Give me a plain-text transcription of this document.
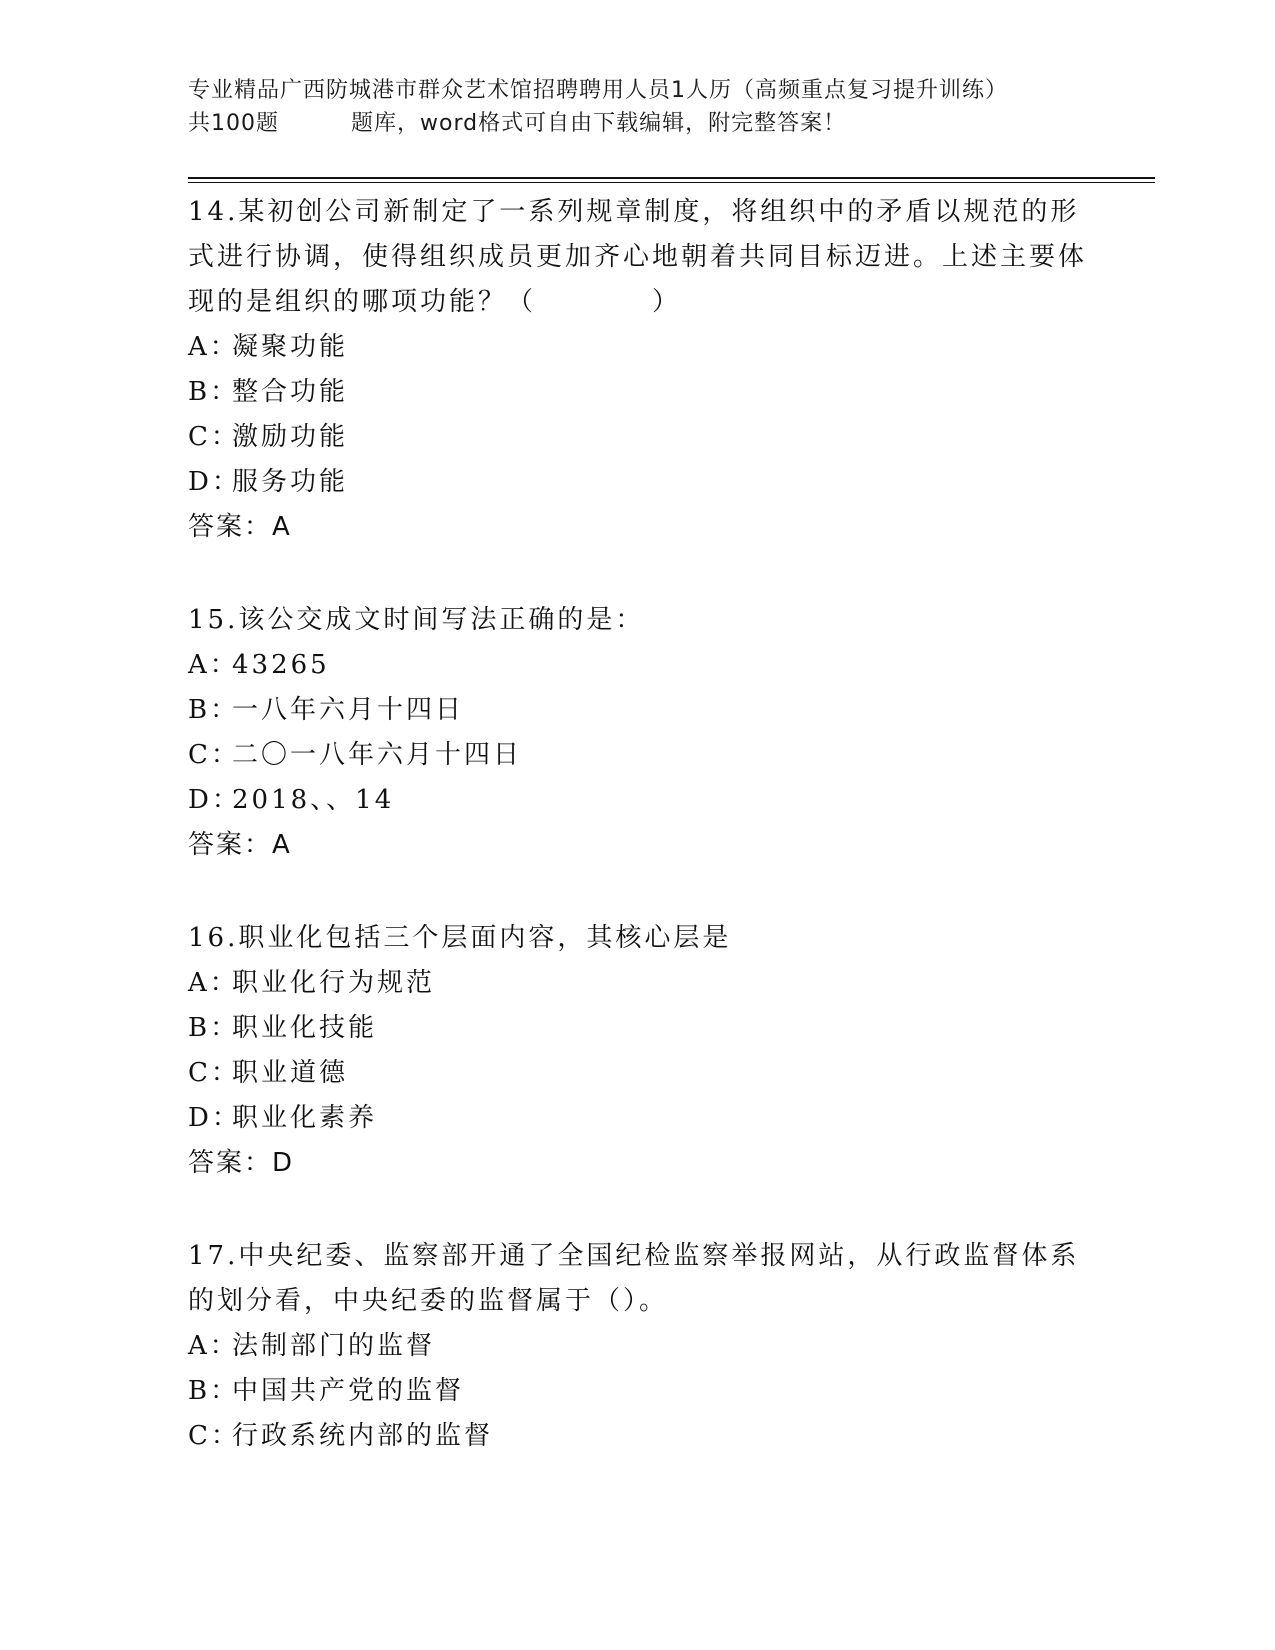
专业精品广西防城港市群众艺术馆招聘聘用人员1人历（高频重点复习提升训练）
共100题	题库，word格式可自由下载编辑，附完整答案！

14.某初创公司新制定了一系列规章制度，将组织中的矛盾以规范的形式进行协调，使得组织成员更加齐心地朝着共同目标迈进。上述主要体现的是组织的哪项功能？（　　　　）

A：凝聚功能

B：整合功能

C：激励功能

D：服务功能

答案：A

15.该公交成文时间写法正确的是：

A：43265

B：一八年六月十四日

C：二〇一八年六月十四日

D：2018、、14

答案：A

16.职业化包括三个层面内容，其核心层是

A：职业化行为规范

B：职业化技能

C：职业道德

D：职业化素养

答案：D

17.中央纪委、监察部开通了全国纪检监察举报网站，从行政监督体系的划分看，中央纪委的监督属于（）。

A：法制部门的监督

B：中国共产党的监督

C：行政系统内部的监督
